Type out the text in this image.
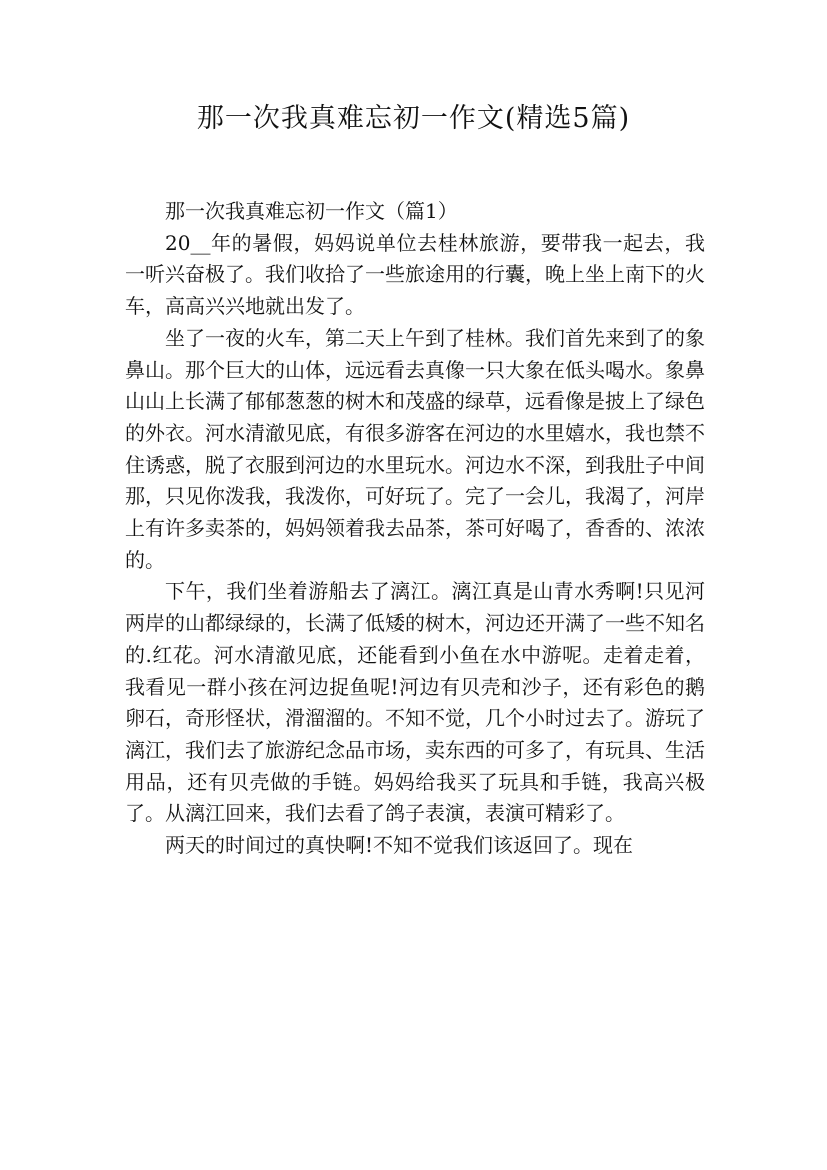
那一次我真难忘初一作文(精选5篇)

那一次我真难忘初一作文（篇1）

20__年的暑假，妈妈说单位去桂林旅游，要带我一起去，我一听兴奋极了。我们收拾了一些旅途用的行囊，晚上坐上南下的火车，高高兴兴地就出发了。

坐了一夜的火车，第二天上午到了桂林。我们首先来到了的象鼻山。那个巨大的山体，远远看去真像一只大象在低头喝水。象鼻山山上长满了郁郁葱葱的树木和茂盛的绿草，远看像是披上了绿色的外衣。河水清澈见底，有很多游客在河边的水里嬉水，我也禁不住诱惑，脱了衣服到河边的水里玩水。河边水不深，到我肚子中间那，只见你泼我，我泼你，可好玩了。完了一会儿，我渴了，河岸上有许多卖茶的，妈妈领着我去品茶，茶可好喝了，香香的、浓浓的。

下午，我们坐着游船去了漓江。漓江真是山青水秀啊!只见河两岸的山都绿绿的，长满了低矮的树木，河边还开满了一些不知名的.红花。河水清澈见底，还能看到小鱼在水中游呢。走着走着，我看见一群小孩在河边捉鱼呢!河边有贝壳和沙子，还有彩色的鹅卵石，奇形怪状，滑溜溜的。不知不觉，几个小时过去了。游玩了漓江，我们去了旅游纪念品市场，卖东西的可多了，有玩具、生活用品，还有贝壳做的手链。妈妈给我买了玩具和手链，我高兴极了。从漓江回来，我们去看了鸽子表演，表演可精彩了。

两天的时间过的真快啊!不知不觉我们该返回了。现在
